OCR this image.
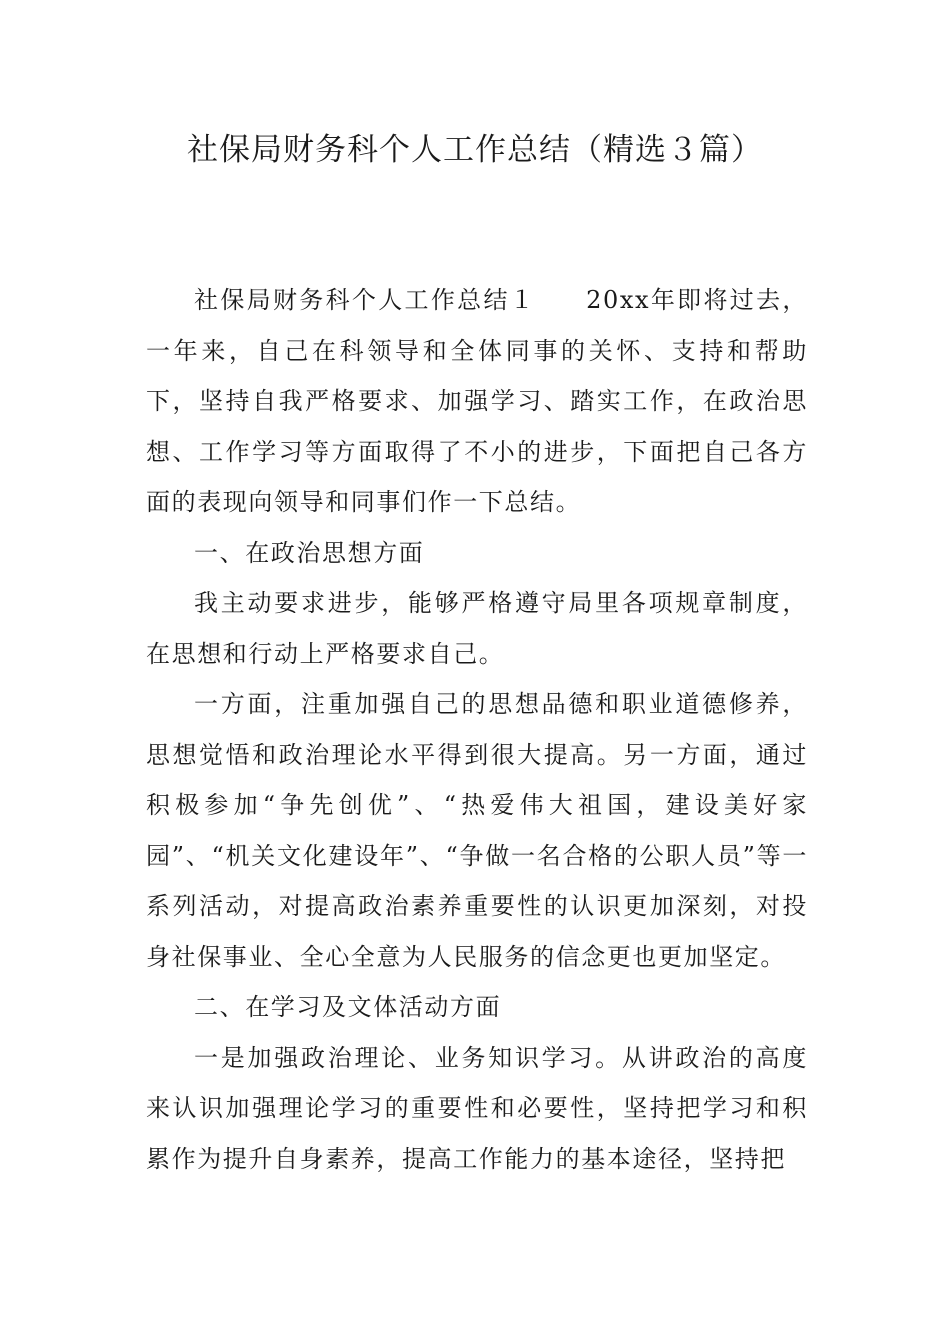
社保局财务科个人工作总结（精选３篇）

社保局财务科个人工作总结１ 20xx年即将过去，一年来，自己在科领导和全体同事的关怀、支持和帮助下，坚持自我严格要求、加强学习、踏实工作，在政治思想、工作学习等方面取得了不小的进步，下面把自己各方面的表现向领导和同事们作一下总结。

一、在政治思想方面

我主动要求进步，能够严格遵守局里各项规章制度，在思想和行动上严格要求自己。

一方面，注重加强自己的思想品德和职业道德修养，思想觉悟和政治理论水平得到很大提高。另一方面，通过积极参加“争先创优”、“热爱伟大祖国，建设美好家园”、“机关文化建设年”、“争做一名合格的公职人员”等一系列活动，对提高政治素养重要性的认识更加深刻，对投身社保事业、全心全意为人民服务的信念更也更加坚定。

二、在学习及文体活动方面

一是加强政治理论、业务知识学习。从讲政治的高度来认识加强理论学习的重要性和必要性，坚持把学习和积累作为提升自身素养，提高工作能力的基本途径，坚持把
